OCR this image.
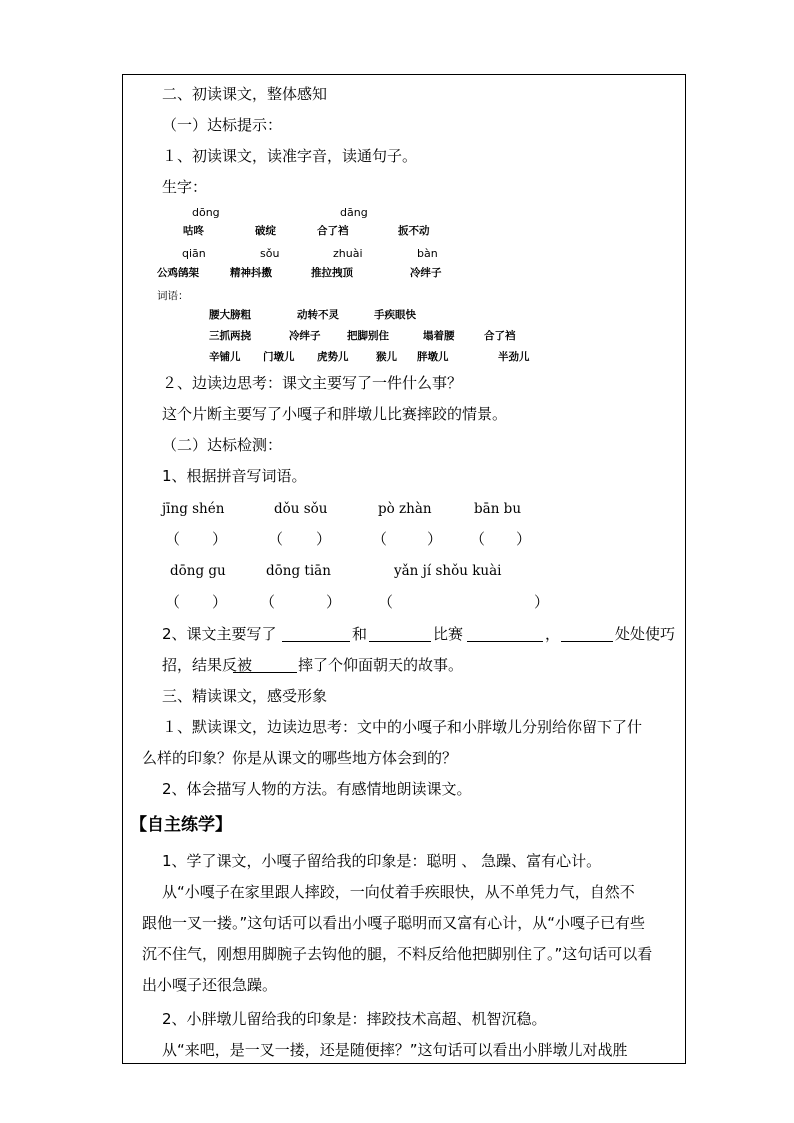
二、初读课文，整体感知
（一）达标提示：
１、初读课文，读准字音，读通句子。
生字：
dōng	dāng
咕咚	破绽	合了裆	扳不动
qiān	sǒu	zhuài	bàn
公鸡鹐架	精神抖擞	推拉拽顶	冷绊子
词语：
腰大膀粗	动转不灵	手疾眼快
三抓两挠	冷绊子	把脚别住	塌着腰	合了裆
辛铺儿 门墩儿 虎势儿	猴儿 胖墩儿	半劲儿
２、边读边思考：课文主要写了一件什么事？
这个片断主要写了小嘎子和胖墩儿比赛摔跤的情景。
（二）达标检测：
1、根据拼音写词语。
jīng shén	dǒu sǒu	pò zhàn	bān bu
（ ）	（ ）	（	） （ ）
dōng gu	dōng tiān	yǎn jí shǒu kuài
（ ） （	） （	）
2、课文主要写了	和	比赛	，	处处使巧
招，结果反被	摔了个仰面朝天的故事。
三、精读课文，感受形象
１、默读课文，边读边思考：文中的小嘎子和小胖墩儿分别给你留下了什
么样的印象？你是从课文的哪些地方体会到的？
2、体会描写人物的方法。有感情地朗读课文。
【自主练学】
1、学了课文，小嘎子留给我的印象是：聪明 、 急躁、富有心计。
从“小嘎子在家里跟人摔跤，一向仗着手疾眼快，从不单凭力气，自然不
跟他一叉一搂。”这句话可以看出小嘎子聪明而又富有心计，从“小嘎子已有些
沉不住气，刚想用脚腕子去钩他的腿，不料反给他把脚别住了。”这句话可以看
出小嘎子还很急躁。
2、小胖墩儿留给我的印象是：摔跤技术高超、机智沉稳。
从“来吧，是一叉一搂，还是随便摔？”这句话可以看出小胖墩儿对战胜
